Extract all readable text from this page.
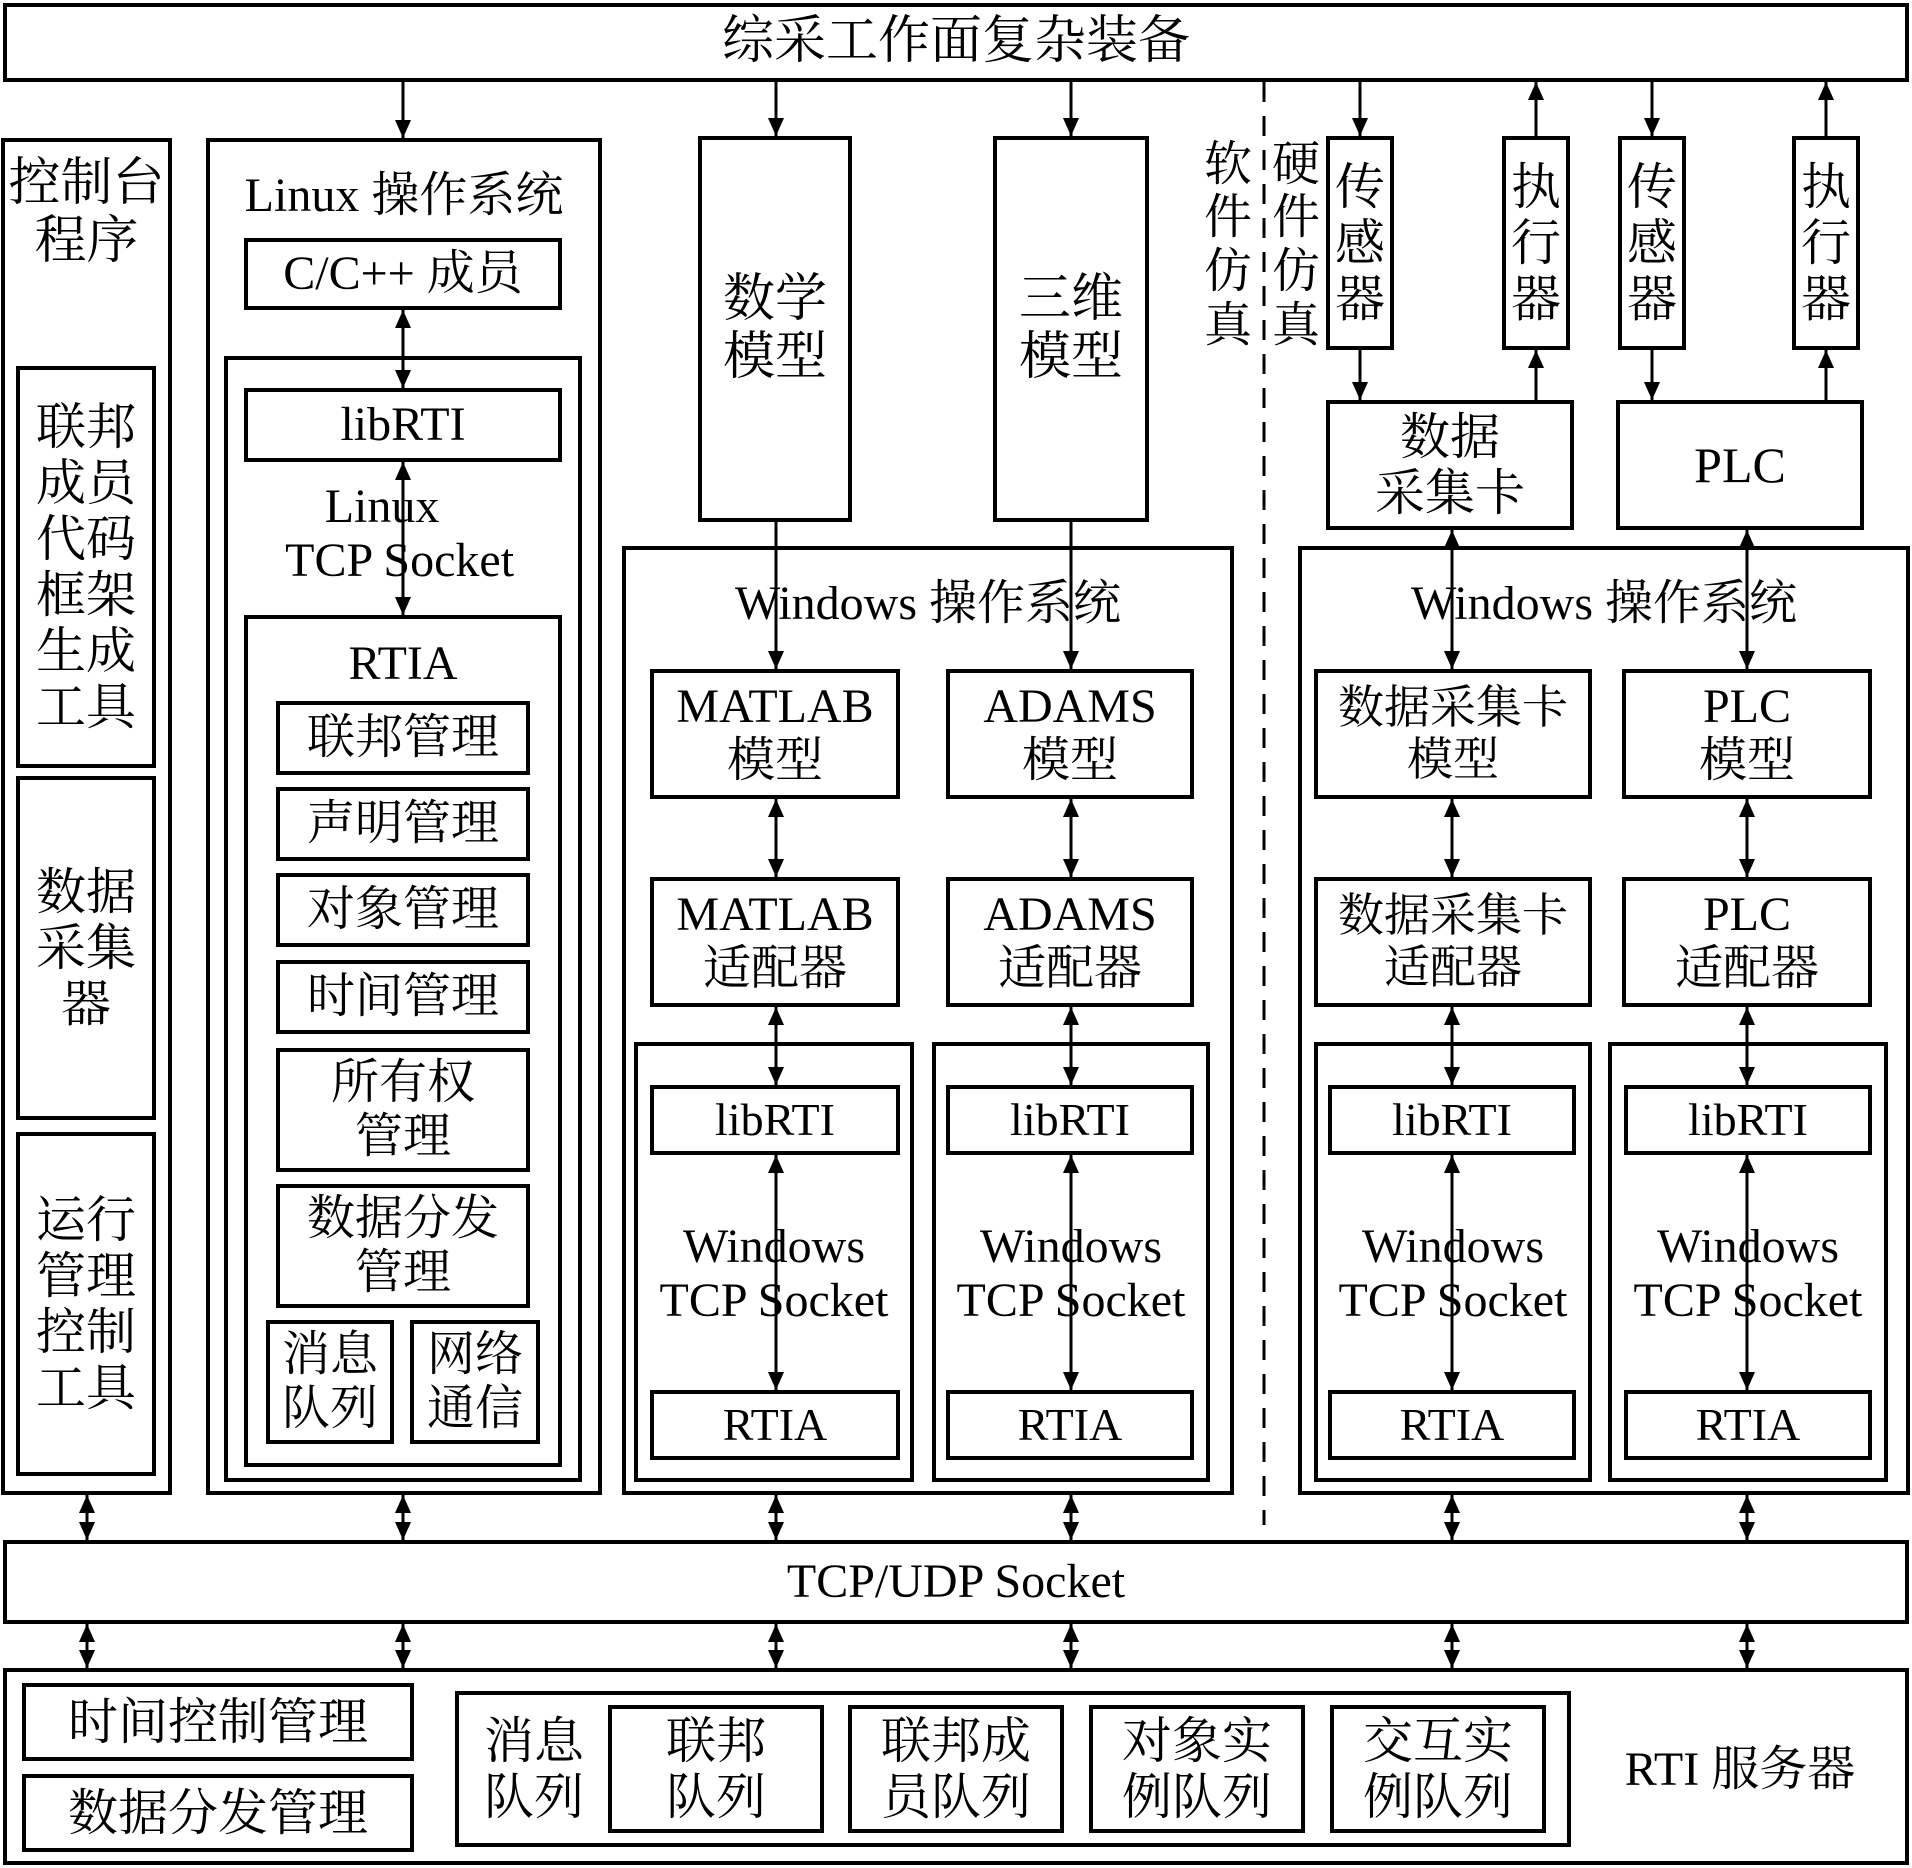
综采工作面复杂装备
控制台
程序
联邦
成员
代码
框架
生成
工具
数据
采集
器
运行
管理
控制
工具
Linux 操作系统
C/C++ 成员
libRTI
Linux
TCP Socket
RTIA
联邦管理
声明管理
对象管理
时间管理
所有权
管理
数据分发
管理
消息
队列
网络
通信
数学
模型
三维
模型
软
件
仿
真
硬
件
仿
真
传
感
器
执
行
器
传
感
器
执
行
器
数据
采集卡	PLC
Windows 操作系统
MATLAB
模型
ADAMS
模型
MATLAB
适配器
ADAMS
适配器
Windows 操作系统
数据采集卡
模型
PLC
模型
数据采集卡
适配器
PLC
适配器
libRTI	libRTI	libRTI	libRTI
Windows
TCP Socket
Windows
TCP Socket
Windows
TCP Socket
Windows
TCP Socket
RTIA	RTIA	RTIA	RTIA
TCP/UDP Socket
时间控制管理
数据分发管理
消息
队列
联邦
队列
联邦成
员队列
对象实
例队列
交互实
例队列	RTI 服务器
